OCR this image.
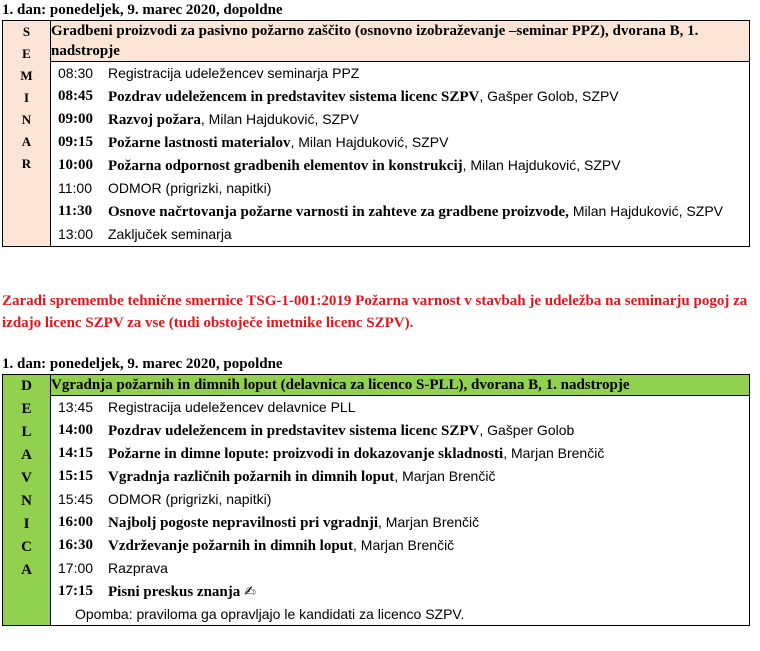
1. dan: ponedeljek, 9. marec 2020, dopoldne
S
E
M
I
N
A
R
	Gradbeni proizvodi za pasivno požarno zaščito (osnovno izobraževanje –seminar PPZ), dvorana B, 1. nadstropje

08:30	Registracija udeležencev seminarja PPZ
08:45	Pozdrav udeležencem in predstavitev sistema licenc SZPV, Gašper Golob, SZPV
09:00	Razvoj požara, Milan Hajduković, SZPV
09:15	Požarne lastnosti materialov, Milan Hajduković, SZPV
10:00	Požarna odpornost gradbenih elementov in konstrukcij, Milan Hajduković, SZPV
11:00	ODMOR (prigrizki, napitki)
11:30	Osnove načrtovanja požarne varnosti in zahteve za gradbene proizvode, Milan Hajduković, SZPV
13:00	Zaključek seminarja
Zaradi spremembe tehnične smernice TSG-1-001:2019 Požarna varnost v stavbah je udeležba na seminarju pogoj za izdajo licenc SZPV za vse (tudi obstoječe imetnike licenc SZPV).
1. dan: ponedeljek, 9. marec 2020, popoldne
D
E
L
A
V
N
I
C
A
	Vgradnja požarnih in dimnih loput (delavnica za licenco S-PLL), dvorana B, 1. nadstropje

13:45	Registracija udeležencev delavnice PLL
14:00	Pozdrav udeležencem in predstavitev sistema licenc SZPV, Gašper Golob
14:15	Požarne in dimne lopute: proizvodi in dokazovanje skladnosti, Marjan Brenčič
15:15	Vgradnja različnih požarnih in dimnih loput, Marjan Brenčič
15:45	ODMOR (prigrizki, napitki)
16:00	Najbolj pogoste nepravilnosti pri vgradnji, Marjan Brenčič
16:30	Vzdrževanje požarnih in dimnih loput, Marjan Brenčič
17:00	Razprava
17:15	Pisni preskus znanja ✍
Opomba: praviloma ga opravljajo le kandidati za licenco SZPV.
